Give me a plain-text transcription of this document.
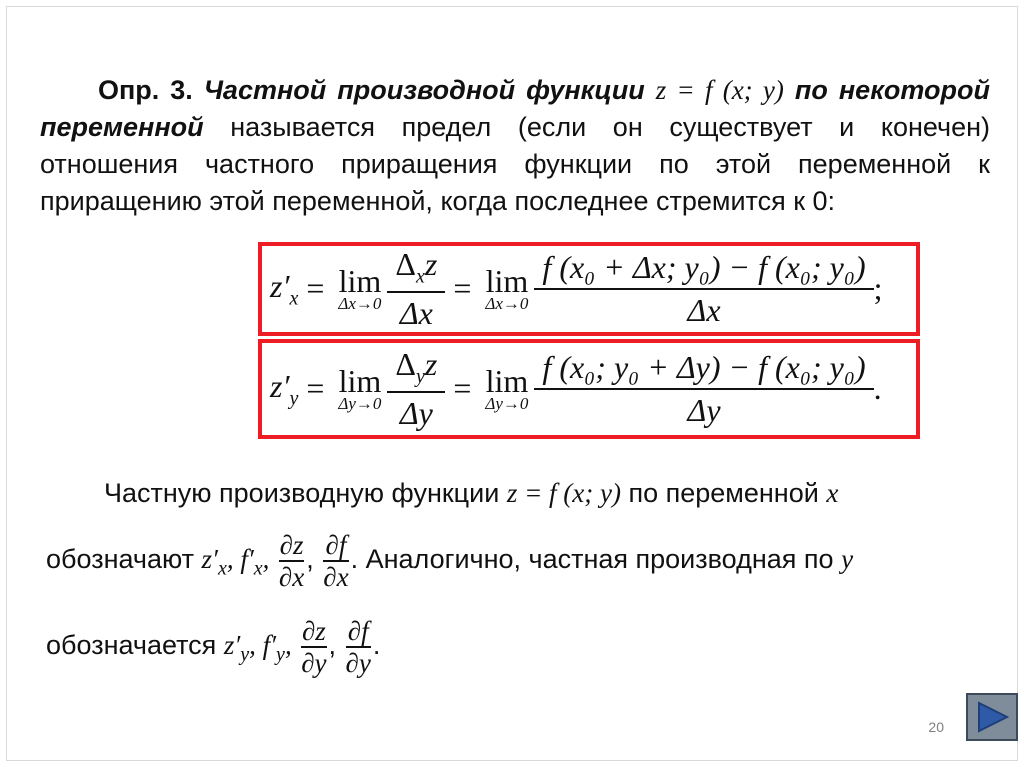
Опр. 3. Частной производной функции z = f (x; y) по некоторой переменной называется предел (если он существует и конечен) отношения частного приращения функции по этой переменной к приращению этой переменной, когда последнее стремится к 0:

$z'_x = \lim$
$\Delta x\to 0 \frac{\Delta_xz}{\Delta x} = \lim$
$\Delta x\to 0 \frac{\text{f (x₀ + Δx; y₀) − f (x₀; y₀)}}{\Delta x}$ ;
$z'_y = \lim$
$\Delta y\to 0 \frac{\Delta_yz}{\Delta y} = \lim$
$\Delta y\to 0 \frac{\text{f (x₀; y₀ + Δy) − f (x₀; y₀)}}{\Delta y}$ .
Частную производную функции z = f (x; y) по переменной x
обозначают $z'_x$, $f'_x$, $\frac{\partial z}{\partial x}$ , $\frac{\partial f}{\partial x}$ . Аналогично, частная производная по y
обозначается $z'_y$, $f'_y$, $\frac{\partial z}{\partial y}$ , $\frac{\partial f}{\partial y}$ .
20
